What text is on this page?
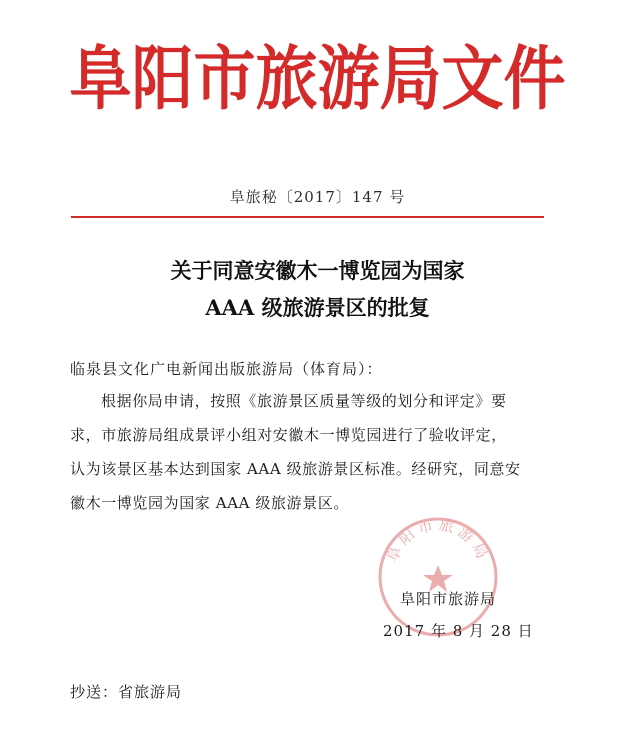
阜阳市旅游局文件
阜旅秘〔2017〕147 号
关于同意安徽木一博览园为国家
AAA 级旅游景区的批复
临泉县文化广电新闻出版旅游局（体育局）：
根据你局申请，按照《旅游景区质量等级的划分和评定》要
求，市旅游局组成景评小组对安徽木一博览园进行了验收评定，
认为该景区基本达到国家 AAA 级旅游景区标准。经研究，同意安
徽木一博览园为国家 AAA 级旅游景区。
阜阳市旅游局
阜阳市旅游局
2017 年 8 月 28 日
抄送：省旅游局
